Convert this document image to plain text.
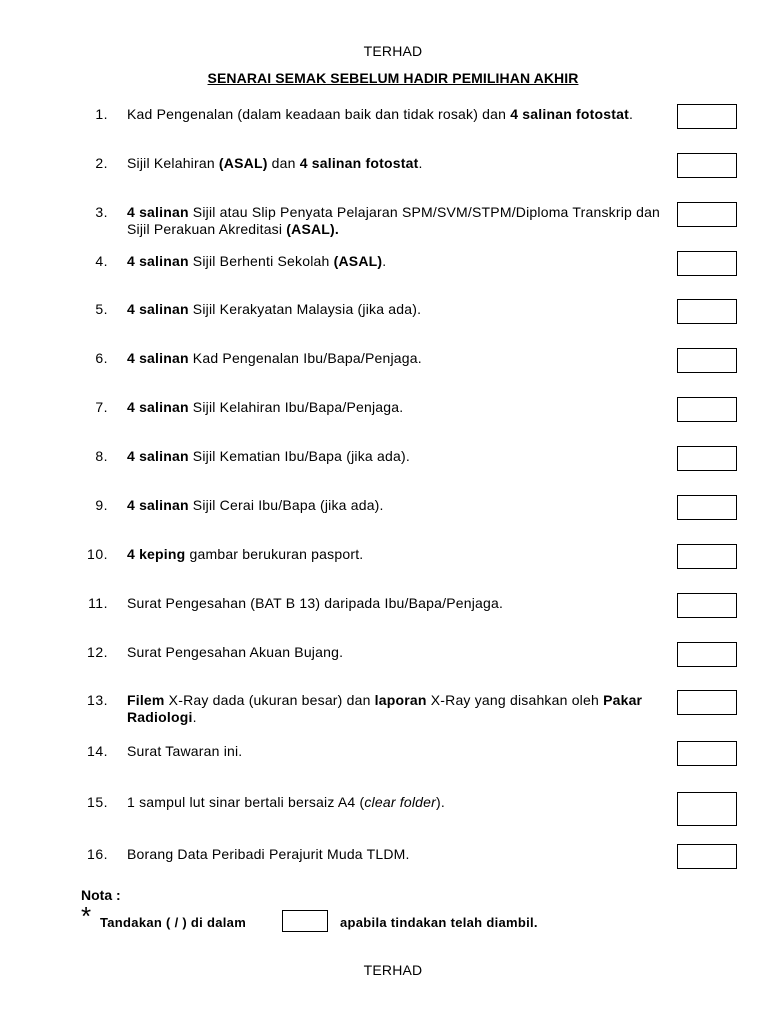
TERHAD
SENARAI SEMAK SEBELUM HADIR PEMILIHAN AKHIR
1. Kad Pengenalan (dalam keadaan baik dan tidak rosak) dan 4 salinan fotostat.
2. Sijil Kelahiran (ASAL) dan 4 salinan fotostat.
3. 4 salinan Sijil atau Slip Penyata Pelajaran SPM/SVM/STPM/Diploma Transkrip dan Sijil Perakuan Akreditasi (ASAL).
4. 4 salinan Sijil Berhenti Sekolah (ASAL).
5. 4 salinan Sijil Kerakyatan Malaysia (jika ada).
6. 4 salinan Kad Pengenalan Ibu/Bapa/Penjaga.
7. 4 salinan Sijil Kelahiran Ibu/Bapa/Penjaga.
8. 4 salinan Sijil Kematian Ibu/Bapa (jika ada).
9. 4 salinan Sijil Cerai Ibu/Bapa (jika ada).
10. 4 keping gambar berukuran pasport.
11. Surat Pengesahan (BAT B 13) daripada Ibu/Bapa/Penjaga.
12. Surat Pengesahan Akuan Bujang.
13. Filem X-Ray dada (ukuran besar) dan laporan X-Ray yang disahkan oleh Pakar Radiologi.
14. Surat Tawaran ini.
15. 1 sampul lut sinar bertali bersaiz A4 (clear folder).
16. Borang Data Peribadi Perajurit Muda TLDM.
Nota :
* Tandakan ( / ) di dalam	apabila tindakan telah diambil.
TERHAD
